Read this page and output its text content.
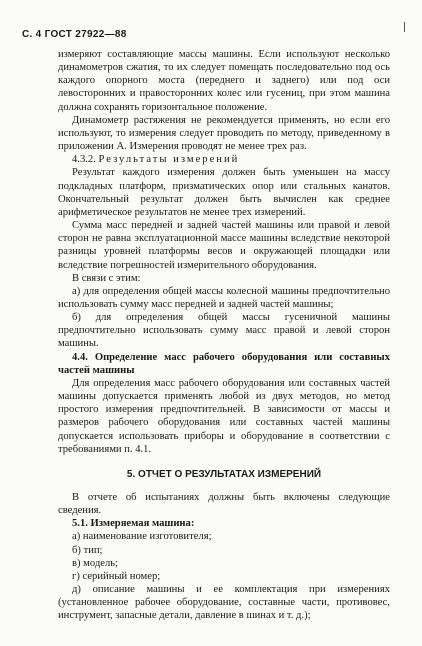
С. 4 ГОСТ 27922—88

измеряют составляющие массы машины. Если используют несколько динамометров сжатия, то их следует помещать последовательно под ось каждого опорного моста (переднего и заднего) или под оси левосторонних и правосторонних колес или гусениц, при этом машина должна сохранять горизонтальное положение.

Динамометр растяжения не рекомендуется применять, но если его используют, то измерения следует проводить по методу, приведенному в приложении А. Измерения проводят не менее трех раз.

4.3.2. Результаты измерений

Результат каждого измерения должен быть уменьшен на массу подкладных платформ, призматических опор или стальных канатов. Окончательный результат должен быть вычислен как среднее арифметическое результатов не менее трех измерений.

Сумма масс передней и задней частей машины или правой и левой сторон не равна эксплуатационной массе машины вследствие некоторой разницы уровней платформы весов и окружающей площадки или вследствие погрешностей измерительного оборудования.

В связи с этим:

а) для определения общей массы колесной машины предпочтительно использовать сумму масс передней и задней частей машины;

б) для определения общей массы гусеничной машины предпочтительно использовать сумму масс правой и левой сторон машины.

4.4. Определение масс рабочего оборудования или составных частей машины

Для определения масс рабочего оборудования или составных частей машины допускается применять любой из двух методов, но метод простого измерения предпочтительней. В зависимости от массы и размеров рабочего оборудования или составных частей машины допускается использовать приборы и оборудование в соответствии с требованиями п. 4.1.

5. ОТЧЕТ О РЕЗУЛЬТАТАХ ИЗМЕРЕНИЙ

В отчете об испытаниях должны быть включены следующие сведения.

5.1. Измеряемая машина:

а) наименование изготовителя;

б) тип;

в) модель;

г) серийный номер;

д) описание машины и ее комплектация при измерениях (установленное рабочее оборудование, составные части, противовес, инструмент, запасные детали, давление в шинах и т. д.);
